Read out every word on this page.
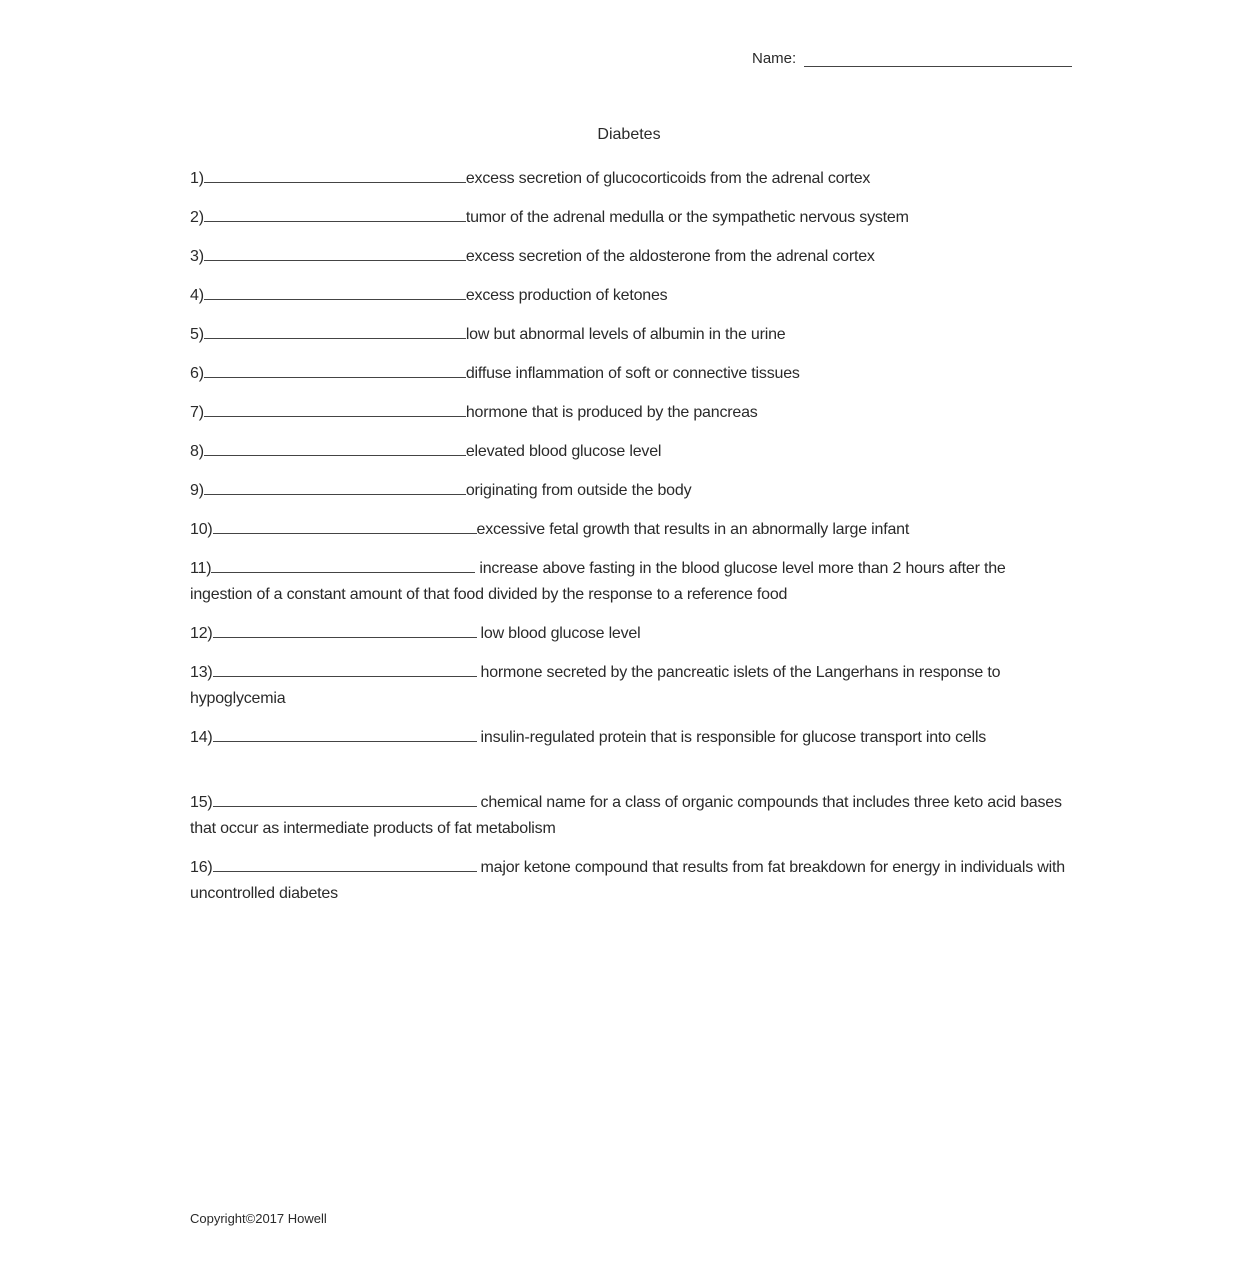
Name:
Diabetes
1)	excess secretion of glucocorticoids from the adrenal cortex
2)	tumor of the adrenal medulla or the sympathetic nervous system
3)	excess secretion of the aldosterone from the adrenal cortex
4)	excess production of ketones
5)	low but abnormal levels of albumin in the urine
6)	diffuse inflammation of soft or connective tissues
7)	hormone that is produced by the pancreas
8)	elevated blood glucose level
9)	originating from outside the body
10)	excessive fetal growth that results in an abnormally large infant
11)	increase above fasting in the blood glucose level more than 2 hours after the ingestion of a constant amount of that food divided by the response to a reference food
12)	low blood glucose level
13)	hormone secreted by the pancreatic islets of the Langerhans in response to hypoglycemia
14)	insulin-regulated protein that is responsible for glucose transport into cells
15)	chemical name for a class of organic compounds that includes three keto acid bases that occur as intermediate products of fat metabolism
16)	major ketone compound that results from fat breakdown for energy in individuals with uncontrolled diabetes
Copyright©2017 Howell
